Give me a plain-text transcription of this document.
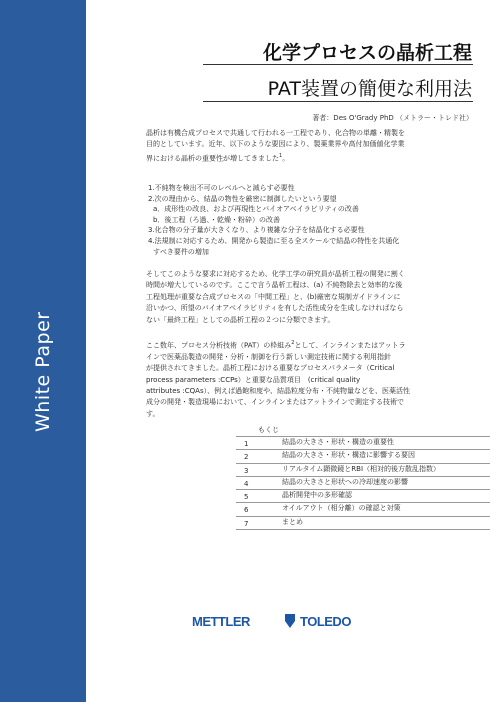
White Paper
化学プロセスの晶析工程
PAT装置の簡便な利用法
著者：Des O'Grady PhD （メトラー・トレド社）

晶析は有機合成プロセスで共通して行われる一工程であり、化合物の単離・精製を
目的としています。近年、以下のような要因により、製薬業界や高付加価値化学業
界における晶析の重要性が増してきました$^1$。

1.不純物を検出不可のレベルへと減らす必要性
2.次の理由から、結晶の物性を厳密に制御したいという要望
a．成形性の改良、および再現性とバイオアベイラビリティの改善
b．後工程（ろ過、・乾燥・粉砕）の改善
3.化合物の分子量が大きくなり、より複雑な分子を結晶化する必要性
4.法規制に対応するため、開発から製造に至る全スケールで結晶の特性を共通化
すべき要件の増加

そしてこのような要求に対応するため、化学工学の研究員が晶析工程の開発に割く
時間が増大しているのです。ここで言う晶析工程は、(a) 不純物除去と効率的な後
工程処理が重要な合成プロセスの「中間工程」と、(b)厳密な規制ガイドラインに
沿いかつ、所望のバイオアベイラビリティを有した活性成分を生成しなければなら
ない「最終工程」としての晶析工程の２つに分類できます。

ここ数年、プロセス分析技術（PAT）の枠組み$^2$として、インラインまたはアットラ
インで医薬品製造の開発・分析・制御を行う新しい測定技術に関する利用指針
が提供されてきました。晶析工程における重要なプロセスパラメータ（Critical
process parameters :CCPs）と重要な品質項目　(critical quality
attributes :CQAs）、例えば過飽和度や、結晶粒度分布・不純物量などを、医薬活性
成分の開発・製造現場において、インラインまたはアットラインで測定する技術で
す。

もくじ
1	結晶の大きさ・形状・構造の重要性
2	結晶の大きさ・形状・構造に影響する要因
3	リアルタイム顕微鏡とRBI（相対的後方散乱指数）
4	結晶の大きさと形状への冷却速度の影響
5	晶析開発中の多形確認
6	オイルアウト（相分離）の確認と対策
7	まとめ
METTLER	TOLEDO
